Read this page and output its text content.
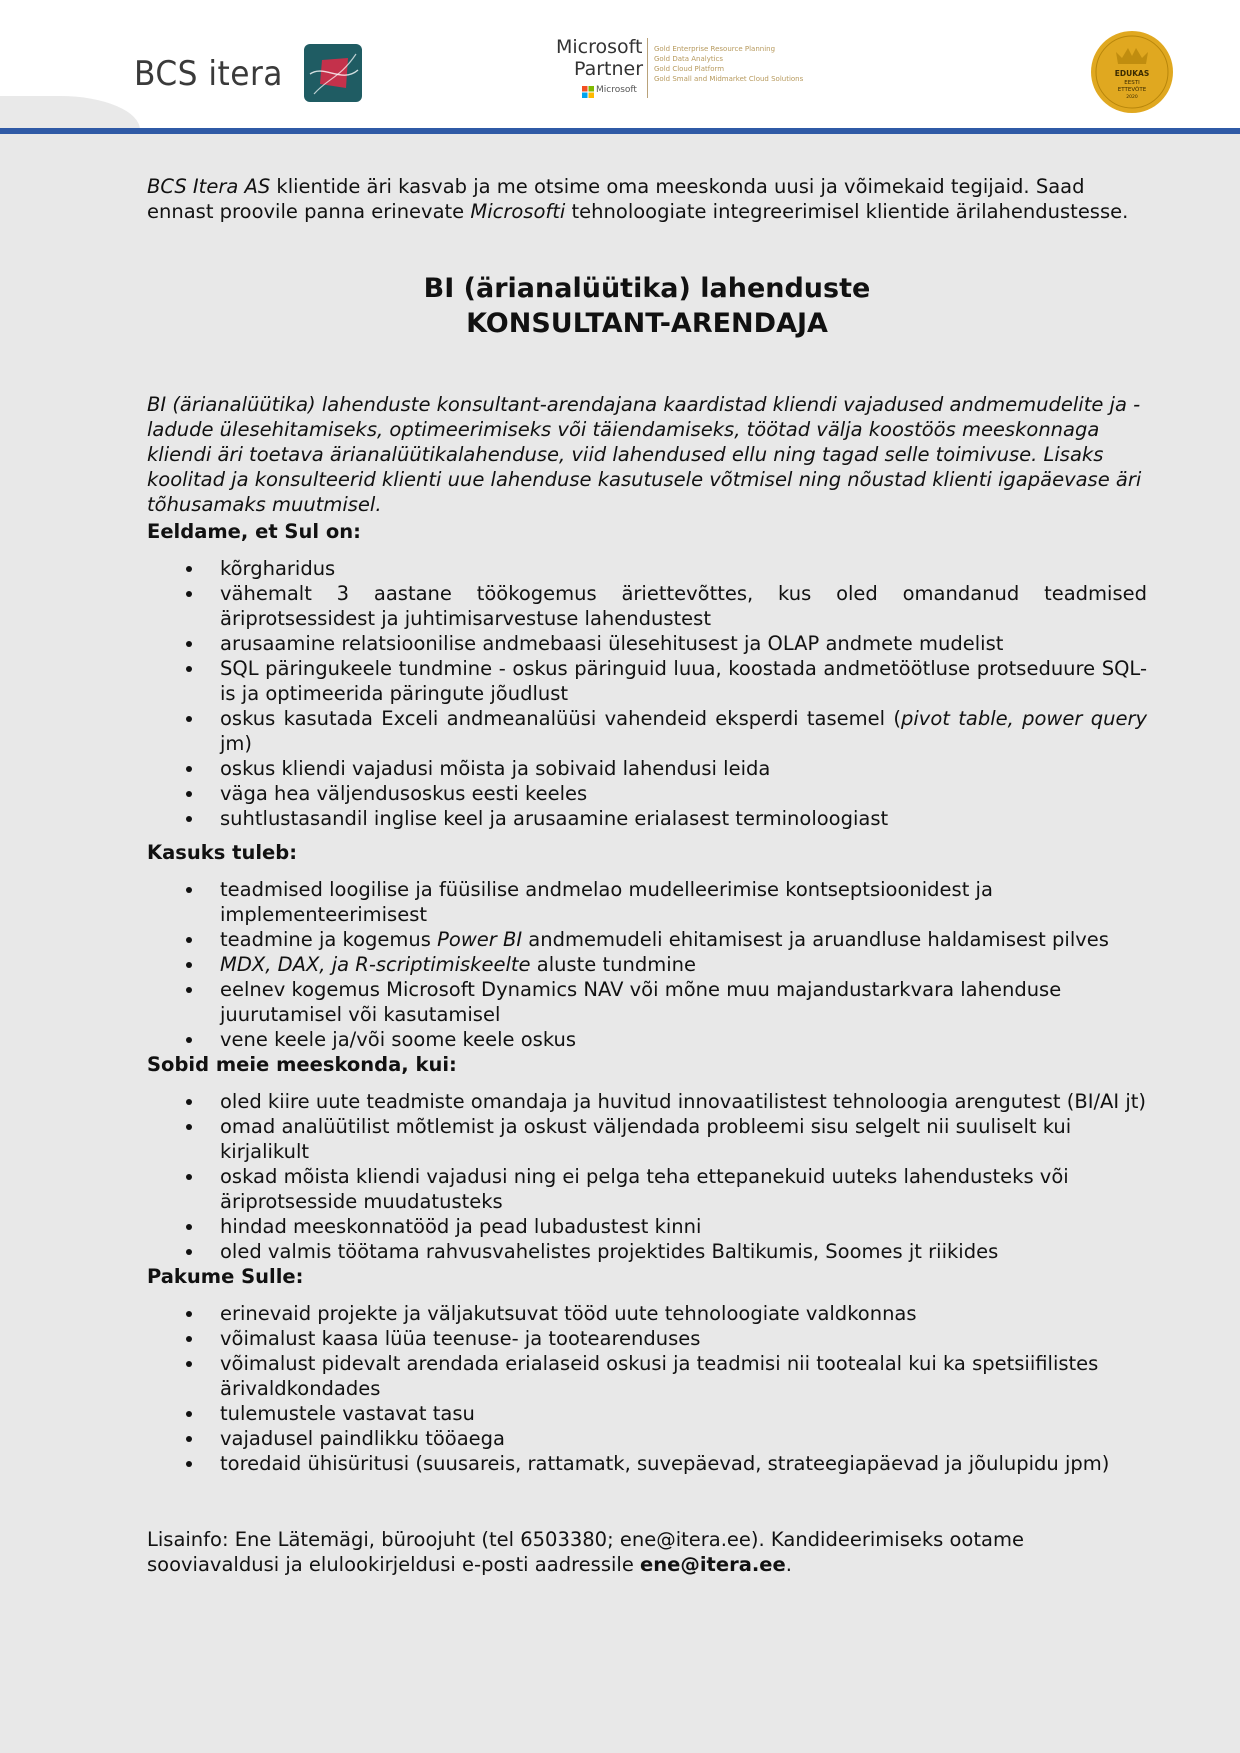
BCS itera
Microsoft
Partner
Microsoft
Gold Enterprise Resource Planning
Gold Data Analytics
Gold Cloud Platform
Gold Small and Midmarket Cloud Solutions
EDUKAS
EESTI
ETTEVÕTE
2020

BCS Itera AS klientide äri kasvab ja me otsime oma meeskonda uusi ja võimekaid tegijaid. Saad ennast proovile panna erinevate Microsofti tehnoloogiate integreerimisel klientide ärilahendustesse.

BI (ärianalüütika) lahenduste
KONSULTANT-ARENDAJA

BI (ärianalüütika) lahenduste konsultant-arendajana kaardistad kliendi vajadused andmemudelite ja -ladude ülesehitamiseks, optimeerimiseks või täiendamiseks, töötad välja koostöös meeskonnaga kliendi äri toetava ärianalüütikalahenduse, viid lahendused ellu ning tagad selle toimivuse. Lisaks koolitad ja konsulteerid klienti uue lahenduse kasutusele võtmisel ning nõustad klienti igapäevase äri tõhusamaks muutmisel.

Eeldame, et Sul on:
kõrgharidus
vähemalt 3 aastane töökogemus äriettevõttes, kus oled omandanud teadmised äriprotsessidest ja juhtimisarvestuse lahendustest
arusaamine relatsioonilise andmebaasi ülesehitusest ja OLAP andmete mudelist
SQL päringukeele tundmine - oskus päringuid luua, koostada andmetöötluse protseduure SQL-is ja optimeerida päringute jõudlust
oskus kasutada Exceli andmeanalüüsi vahendeid eksperdi tasemel (pivot table, power query jm)
oskus kliendi vajadusi mõista ja sobivaid lahendusi leida
väga hea väljendusoskus eesti keeles
suhtlustasandil inglise keel ja arusaamine erialasest terminoloogiast
Kasuks tuleb:
teadmised loogilise ja füüsilise andmelao mudelleerimise kontseptsioonidest ja implementeerimisest
teadmine ja kogemus Power BI andmemudeli ehitamisest ja aruandluse haldamisest pilves
MDX, DAX, ja R-scriptimiskeelte aluste tundmine
eelnev kogemus Microsoft Dynamics NAV või mõne muu majandustarkvara lahenduse juurutamisel või kasutamisel
vene keele ja/või soome keele oskus
Sobid meie meeskonda, kui:
oled kiire uute teadmiste omandaja ja huvitud innovaatilistest tehnoloogia arengutest (BI/AI jt)
omad analüütilist mõtlemist ja oskust väljendada probleemi sisu selgelt nii suuliselt kui kirjalikult
oskad mõista kliendi vajadusi ning ei pelga teha ettepanekuid uuteks lahendusteks või äriprotsesside muudatusteks
hindad meeskonnatööd ja pead lubadustest kinni
oled valmis töötama rahvusvahelistes projektides Baltikumis, Soomes jt riikides
Pakume Sulle:
erinevaid projekte ja väljakutsuvat tööd uute tehnoloogiate valdkonnas
võimalust kaasa lüüa teenuse- ja tootearenduses
võimalust pidevalt arendada erialaseid oskusi ja teadmisi nii tootealal kui ka spetsiifilistes ärivaldkondades
tulemustele vastavat tasu
vajadusel paindlikku tööaega
toredaid ühisüritusi (suusareis, rattamatk, suvepäevad, strateegiapäevad ja jõulupidu jpm)

Lisainfo: Ene Lätemägi, büroojuht (tel 6503380; ene@itera.ee). Kandideerimiseks ootame sooviavaldusi ja elulookirjeldusi e-posti aadressile ene@itera.ee.
